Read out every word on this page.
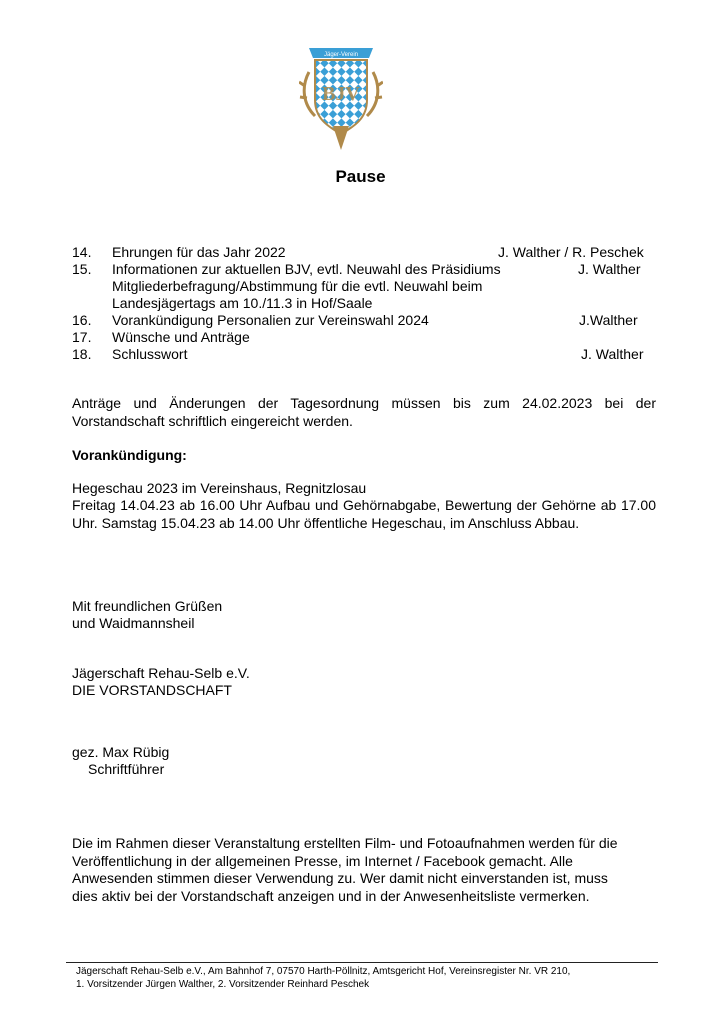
Jäger-Verein
BJV
Pause
14. Ehrungen für das Jahr 2022	J. Walther / R. Peschek
15. Informationen zur aktuellen BJV, evtl. Neuwahl des Präsidiums
Mitgliederbefragung/Abstimmung für die evtl. Neuwahl beim
Landesjägertags am 10./11.3 in Hof/Saale
J. Walther
16. Vorankündigung Personalien zur Vereinswahl 2024	J.Walther
17. Wünsche und Anträge
18. Schlusswort	J. Walther
Anträge und Änderungen der Tagesordnung müssen bis zum 24.02.2023 bei der Vorstandschaft schriftlich eingereicht werden.
Vorankündigung:
Hegeschau 2023 im Vereinshaus, Regnitzlosau
Freitag 14.04.23 ab 16.00 Uhr Aufbau und Gehörnabgabe, Bewertung der Gehörne ab 17.00 Uhr. Samstag 15.04.23 ab 14.00 Uhr öffentliche Hegeschau, im Anschluss Abbau.
Mit freundlichen Grüßen
und Waidmannsheil
Jägerschaft Rehau-Selb e.V.
DIE VORSTANDSCHAFT
gez. Max Rübig
Schriftführer
Die im Rahmen dieser Veranstaltung erstellten Film- und Fotoaufnahmen werden für die
Veröffentlichung in der allgemeinen Presse, im Internet / Facebook gemacht. Alle
Anwesenden stimmen dieser Verwendung zu. Wer damit nicht einverstanden ist, muss
dies aktiv bei der Vorstandschaft anzeigen und in der Anwesenheitsliste vermerken.
Jägerschaft Rehau-Selb e.V., Am Bahnhof 7, 07570 Harth-Pöllnitz, Amtsgericht Hof, Vereinsregister Nr. VR 210,
1. Vorsitzender Jürgen Walther, 2. Vorsitzender Reinhard Peschek
